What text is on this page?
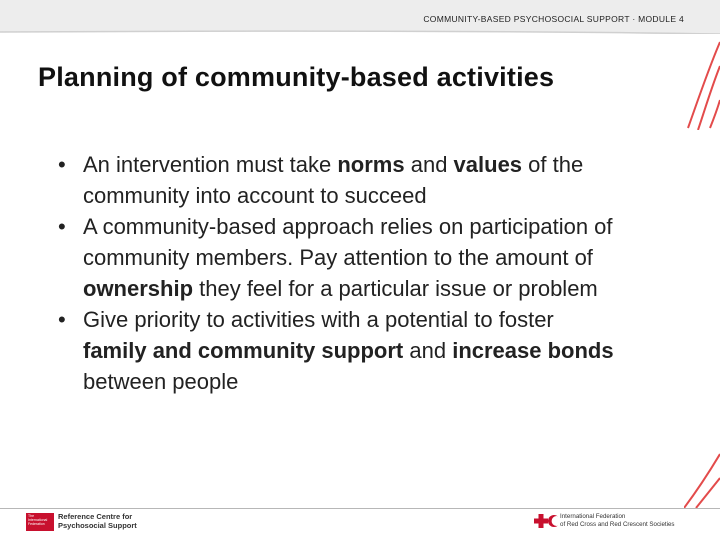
COMMUNITY-BASED PSYCHOSOCIAL SUPPORT · MODULE 4
Planning of community-based activities
• An intervention must take norms and values of the community into account to succeed
• A community-based approach relies on participation of community members. Pay attention to the amount of ownership they feel for a particular issue or problem
• Give priority to activities with a potential to foster family and community support and increase bonds between people
The International Federation
Reference Centre for
Psychosocial Support
International Federation
of Red Cross and Red Crescent Societies
